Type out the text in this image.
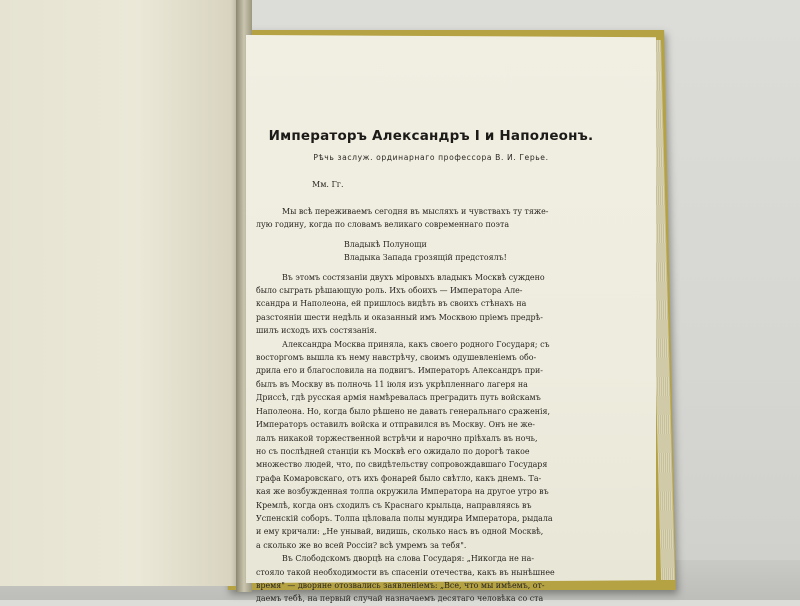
Императоръ Александръ I и Наполеонъ.

Рѣчь заслуж. ординарнаго профессора В. И. Герье.

Мм. Гг.

Мы всѣ переживаемъ сегодня въ мысляхъ и чувствахъ ту тяже-
лую годину, когда по словамъ великаго современнаго поэта
Владыкѣ Полунощи
Владыка Запада грозящій предстоялъ!
Въ этомъ состязаніи двухъ міровыхъ владыкъ Москвѣ суждено
было сыграть рѣшающую роль. Ихъ обоихъ — Императора Але-
ксандра и Наполеона, ей пришлось видѣть въ своихъ стѣнахъ на
разстояніи шести недѣль и оказанный имъ Москвою пріемъ предрѣ-
шилъ исходъ ихъ состязанія.
Александра Москва приняла, какъ своего родного Государя; съ
восторгомъ вышла къ нему навстрѣчу, своимъ одушевленіемъ обо-
дрила его и благословила на подвигъ. Императоръ Александръ при-
былъ въ Москву въ полночь 11 іюля изъ укрѣпленнаго лагеря на
Дриссѣ, гдѣ русская армія намѣревалась преградить путь войскамъ
Наполеона. Но, когда было рѣшено не давать генеральнаго сраженія,
Императоръ оставилъ войска и отправился въ Москву. Онъ не же-
лалъ никакой торжественной встрѣчи и нарочно пріѣхалъ въ ночь,
но съ послѣдней станціи къ Москвѣ его ожидало по дорогѣ такое
множество людей, что, по свидѣтельству сопровождавшаго Государя
графа Комаровскаго, отъ ихъ фонарей было свѣтло, какъ днемъ. Та-
кая же возбужденная толпа окружила Императора на другое утро въ
Кремлѣ, когда онъ сходилъ съ Краснаго крыльца, направляясь въ
Успенскій соборъ. Толпа цѣловала полы мундира Императора, рыдала
и ему кричали: „Не унывай, видишь, сколько насъ въ одной Москвѣ,
а сколько же во всей Россіи? всѣ умремъ за тебя".
Въ Слободскомъ дворцѣ на слова Государя: „Никогда не на-
стояло такой необходимости въ спасеніи отечества, какъ въ нынѣшнее
время" — дворяне отозвались заявленіемъ: „Все, что мы имѣемъ, от-
даемъ тебѣ, на первый случай назначаемъ десятаго человѣка со ста
